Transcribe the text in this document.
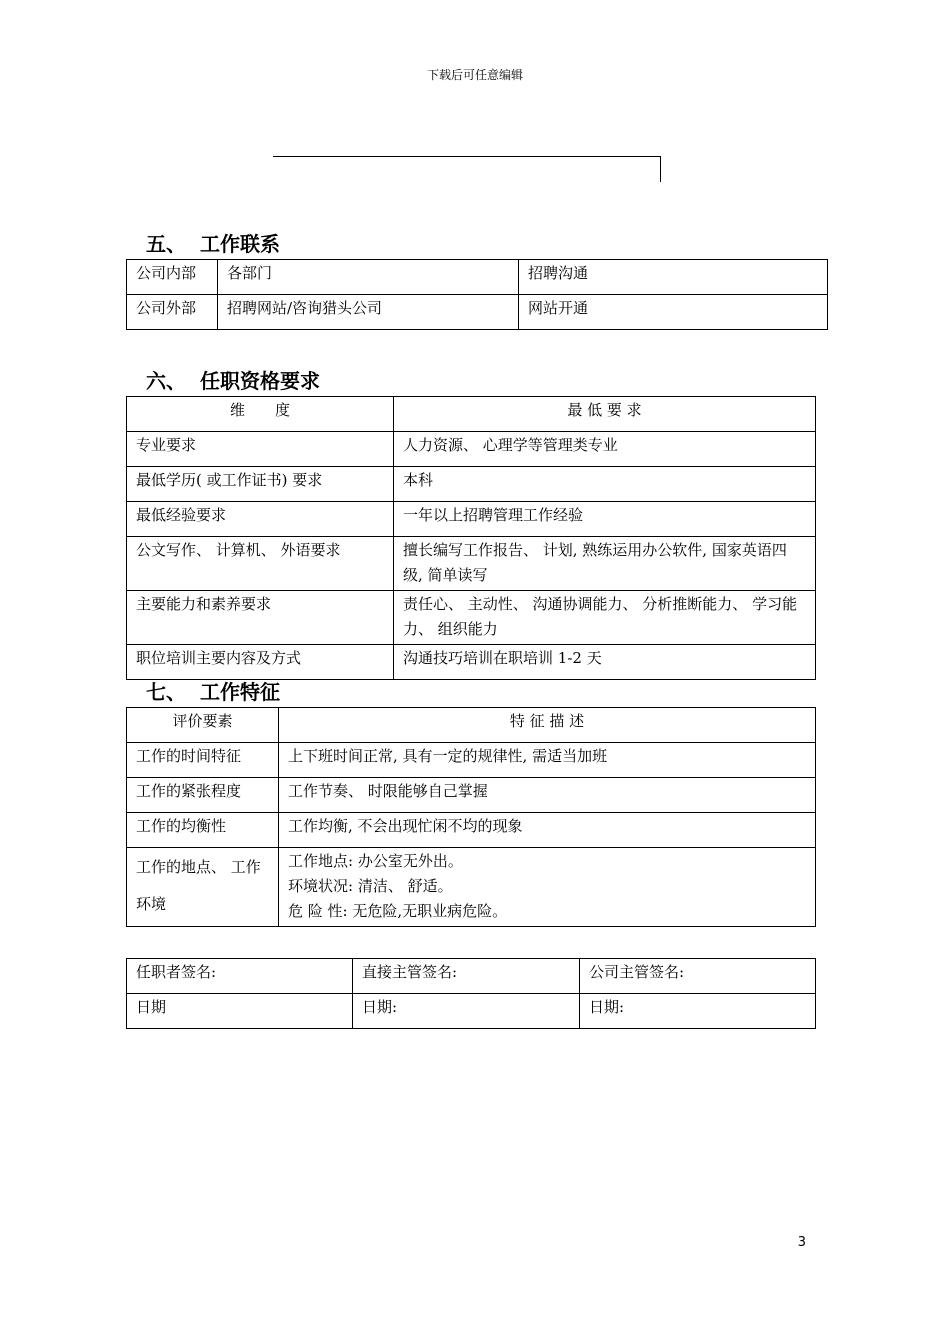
下载后可任意编辑
五、 工作联系
公司内部	各部门	招聘沟通
公司外部	招聘网站/咨询猎头公司	网站开通
六、 任职资格要求
维　　度	最 低 要 求
专业要求	人力资源、 心理学等管理类专业
最低学历( 或工作证书) 要求	本科
最低经验要求	一年以上招聘管理工作经验
公文写作、 计算机、 外语要求	擅长编写工作报告、 计划, 熟练运用办公软件, 国家英语四级, 简单读写
主要能力和素养要求	责任心、 主动性、 沟通协调能力、 分析推断能力、 学习能力、 组织能力
职位培训主要内容及方式	沟通技巧培训在职培训 1-2 天
七、 工作特征
评价要素	特 征 描 述
工作的时间特征	上下班时间正常, 具有一定的规律性, 需适当加班
工作的紧张程度	工作节奏、 时限能够自己掌握
工作的均衡性	工作均衡, 不会出现忙闲不均的现象
工作的地点、 工作环境	工作地点: 办公室无外出。
环境状况: 清洁、 舒适。
危 险 性: 无危险,无职业病危险。
任职者签名:	直接主管签名:	公司主管签名:
日期	日期:	日期:
3
